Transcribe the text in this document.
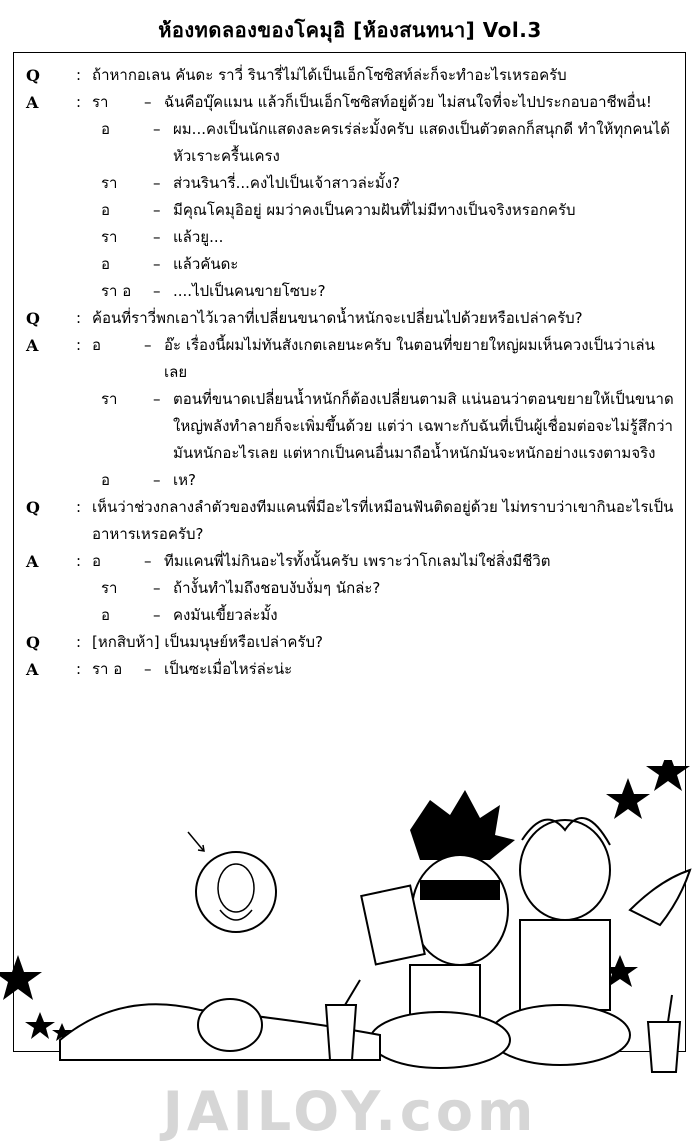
ห้องทดลองของโคมุอิ [ห้องสนทนา] Vol.3
Q	: ถ้าหากอเลน คันดะ ราวี่ รินารี่ไม่ได้เป็นเอ็กโซซิสท์ล่ะก็จะทำอะไรเหรอครับ
A	: รา	– ฉันคือบุ๊คแมน แล้วก็เป็นเอ็กโซซิสท์อยู่ด้วย ไม่สนใจที่จะไปประกอบอาชีพอื่น!
อ	– ผม...คงเป็นนักแสดงละครเร่ล่ะมั้งครับ แสดงเป็นตัวตลกก็สนุกดี ทำให้ทุกคนได้หัวเราะครื้นเครง
รา	– ส่วนรินารี่...คงไปเป็นเจ้าสาวล่ะมั้ง?
อ	– มีคุณโคมุอิอยู่ ผมว่าคงเป็นความฝันที่ไม่มีทางเป็นจริงหรอกครับ
รา	– แล้วยู...
อ	– แล้วคันดะ
รา อ	– ....ไปเป็นคนขายโซบะ?
Q	: ค้อนที่ราวี่พกเอาไว้เวลาที่เปลี่ยนขนาดน้ำหนักจะเปลี่ยนไปด้วยหรือเปล่าครับ?
A	: อ	– อ๊ะ เรื่องนี้ผมไม่ทันสังเกตเลยนะครับ ในตอนที่ขยายใหญ่ผมเห็นควงเป็นว่าเล่นเลย
รา	– ตอนที่ขนาดเปลี่ยนน้ำหนักก็ต้องเปลี่ยนตามสิ แน่นอนว่าตอนขยายให้เป็นขนาดใหญ่พลังทำลายก็จะเพิ่มขึ้นด้วย แต่ว่า เฉพาะกับฉันที่เป็นผู้เชื่อมต่อจะไม่รู้สึกว่ามันหนักอะไรเลย แต่หากเป็นคนอื่นมาถือน้ำหนักมันจะหนักอย่างแรงตามจริง
อ	– เห?
Q	: เห็นว่าช่วงกลางลำตัวของทีมแคนพี่มีอะไรที่เหมือนฟันติดอยู่ด้วย ไม่ทราบว่าเขากินอะไรเป็นอาหารเหรอครับ?
A	: อ	– ทีมแคนพี่ไม่กินอะไรทั้งนั้นครับ เพราะว่าโกเลมไม่ใช่สิ่งมีชีวิต
รา	– ถ้างั้นทำไมถึงชอบงับงั่มๆ นักล่ะ?
อ	– คงมันเขี้ยวล่ะมั้ง
Q	: [หกสิบห้า] เป็นมนุษย์หรือเปล่าครับ?
A	: รา อ	– เป็นซะเมื่อไหร่ล่ะน่ะ
JAILOY.com
